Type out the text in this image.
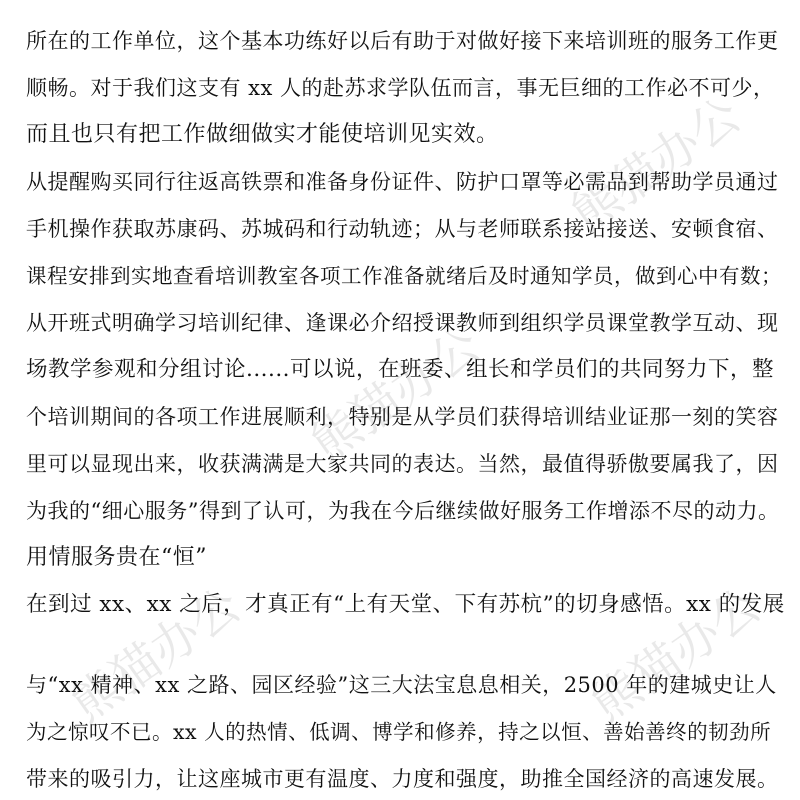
熊猫办公
熊猫办公
熊猫办公
熊猫办公
所在的工作单位，这个基本功练好以后有助于对做好接下来培训班的服务工作更
顺畅。对于我们这支有 xx 人的赴苏求学队伍而言，事无巨细的工作必不可少，
而且也只有把工作做细做实才能使培训见实效。
从提醒购买同行往返高铁票和准备身份证件、防护口罩等必需品到帮助学员通过
手机操作获取苏康码、苏城码和行动轨迹；从与老师联系接站接送、安顿食宿、
课程安排到实地查看培训教室各项工作准备就绪后及时通知学员，做到心中有数；
从开班式明确学习培训纪律、逢课必介绍授课教师到组织学员课堂教学互动、现
场教学参观和分组讨论......可以说，在班委、组长和学员们的共同努力下，整
个培训期间的各项工作进展顺利，特别是从学员们获得培训结业证那一刻的笑容
里可以显现出来，收获满满是大家共同的表达。当然，最值得骄傲要属我了，因
为我的“细心服务”得到了认可，为我在今后继续做好服务工作增添不尽的动力。
用情服务贵在“恒”
在到过 xx、xx 之后，才真正有“上有天堂、下有苏杭”的切身感悟。xx 的发展
与“xx 精神、xx 之路、园区经验”这三大法宝息息相关，2500 年的建城史让人
为之惊叹不已。xx 人的热情、低调、博学和修养，持之以恒、善始善终的韧劲所
带来的吸引力，让这座城市更有温度、力度和强度，助推全国经济的高速发展。
